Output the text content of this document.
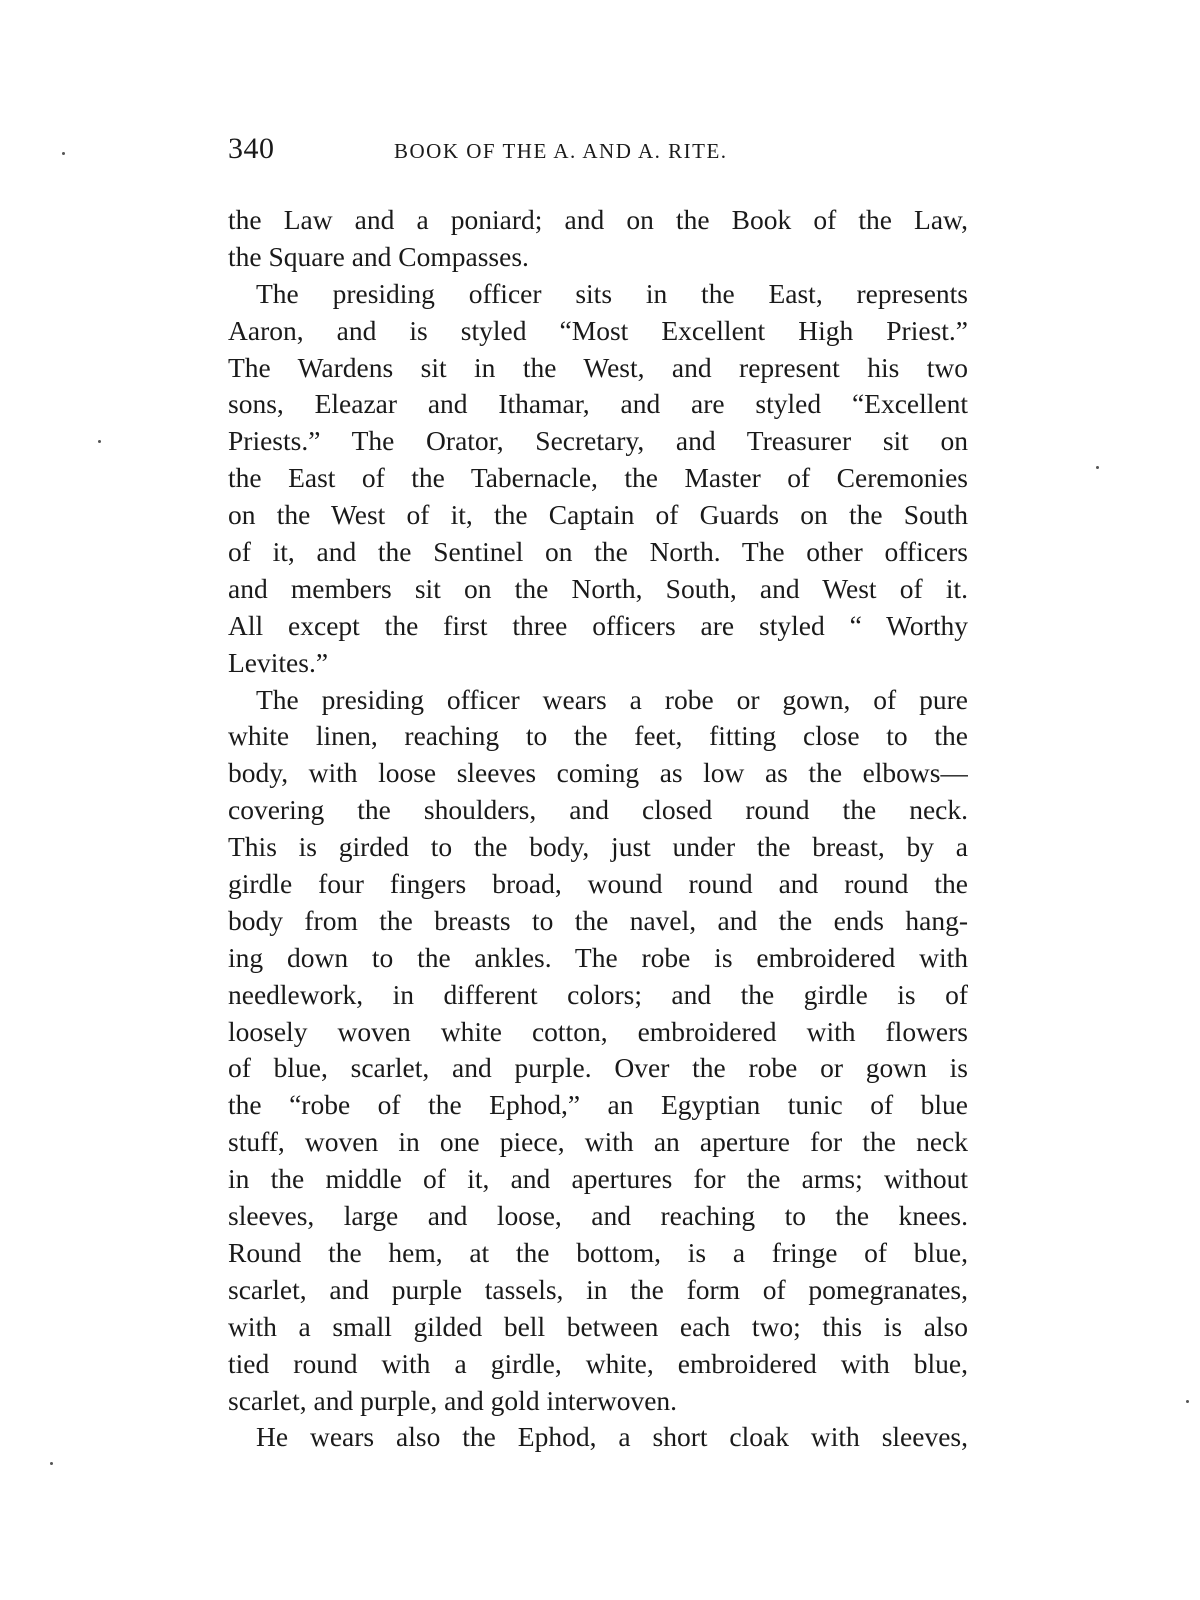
340	BOOK OF THE A. AND A. RITE.
the Law and a poniard; and on the Book of the Law,
the Square and Compasses.
The presiding officer sits in the East, represents
Aaron, and is styled “Most Excellent High Priest.”
The Wardens sit in the West, and represent his two
sons, Eleazar and Ithamar, and are styled “Excellent
Priests.” The Orator, Secretary, and Treasurer sit on
the East of the Tabernacle, the Master of Ceremonies
on the West of it, the Captain of Guards on the South
of it, and the Sentinel on the North. The other officers
and members sit on the North, South, and West of it.
All except the first three officers are styled “ Worthy
Levites.”
The presiding officer wears a robe or gown, of pure
white linen, reaching to the feet, fitting close to the
body, with loose sleeves coming as low as the elbows—
covering the shoulders, and closed round the neck.
This is girded to the body, just under the breast, by a
girdle four fingers broad, wound round and round the
body from the breasts to the navel, and the ends hang-
ing down to the ankles. The robe is embroidered with
needlework, in different colors; and the girdle is of
loosely woven white cotton, embroidered with flowers
of blue, scarlet, and purple. Over the robe or gown is
the “robe of the Ephod,” an Egyptian tunic of blue
stuff, woven in one piece, with an aperture for the neck
in the middle of it, and apertures for the arms; without
sleeves, large and loose, and reaching to the knees.
Round the hem, at the bottom, is a fringe of blue,
scarlet, and purple tassels, in the form of pomegranates,
with a small gilded bell between each two; this is also
tied round with a girdle, white, embroidered with blue,
scarlet, and purple, and gold interwoven.
He wears also the Ephod, a short cloak with sleeves,
